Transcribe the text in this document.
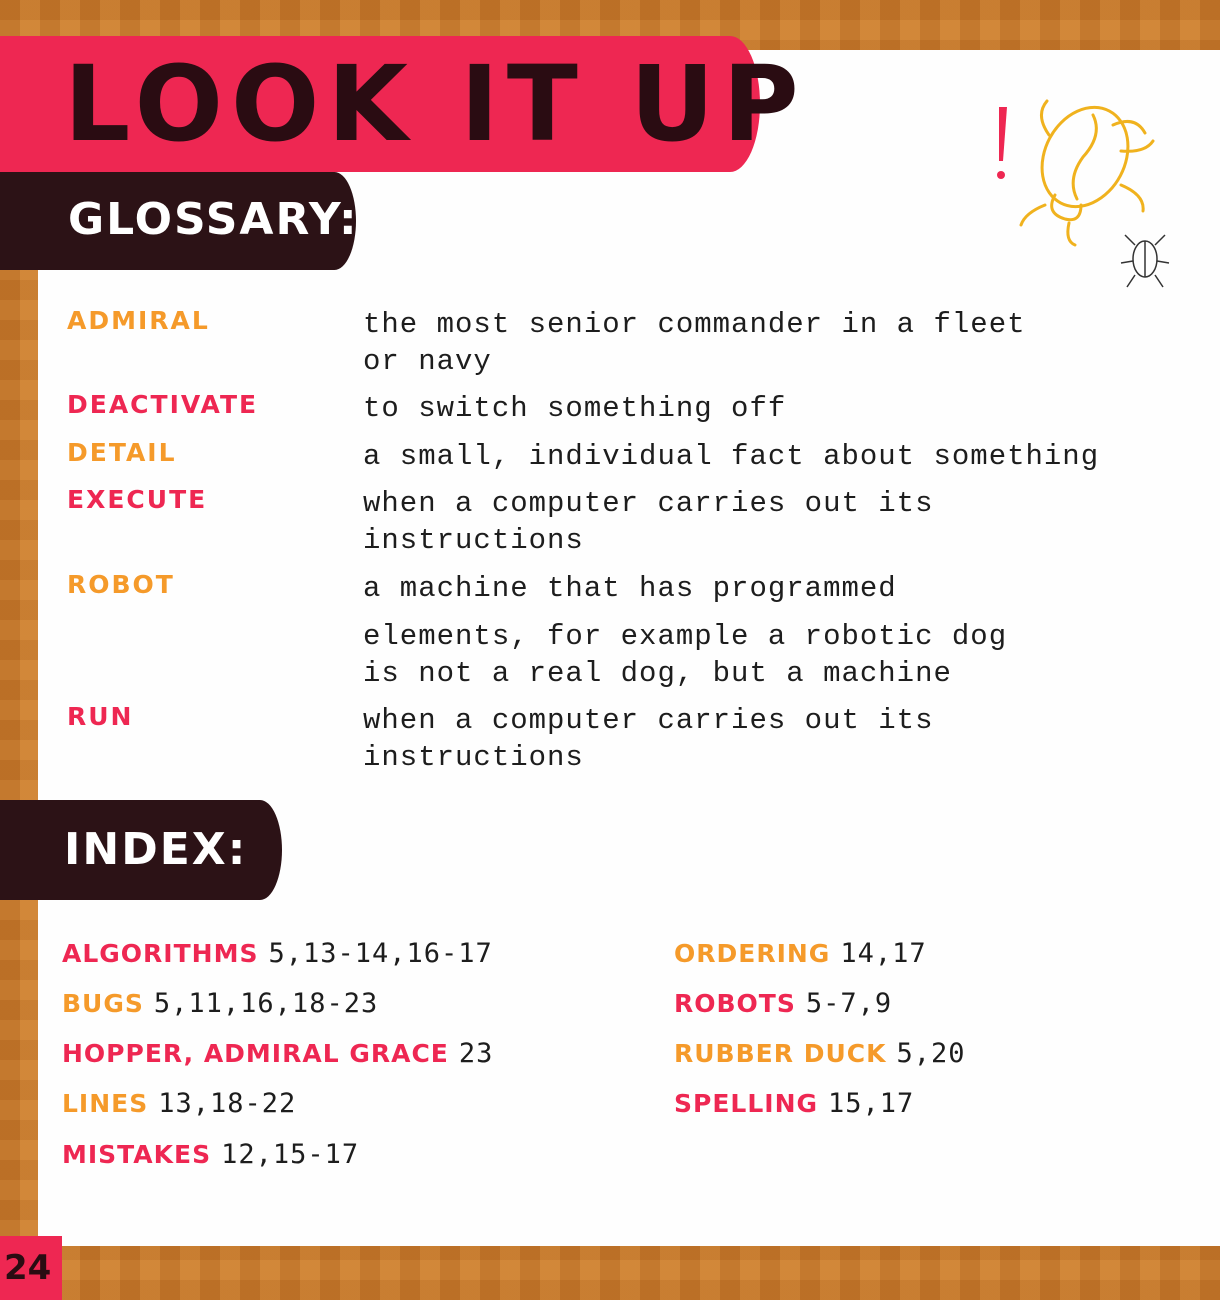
LOOK IT UP
GLOSSARY:
ADMIRAL	the most senior commander in a fleet
or navy
DEACTIVATE	to switch something off
DETAIL	a small, individual fact about something
EXECUTE	when a computer carries out its
instructions
ROBOT	a machine that has programmed
elements, for example a robotic dog
is not a real dog, but a machine
RUN	when a computer carries out its
instructions
INDEX:
ALGORITHMS 5,13-14,16-17
BUGS 5,11,16,18-23
HOPPER, ADMIRAL GRACE 23
LINES 13,18-22
MISTAKES 12,15-17
ORDERING 14,17
ROBOTS 5-7,9
RUBBER DUCK 5,20
SPELLING 15,17

24
